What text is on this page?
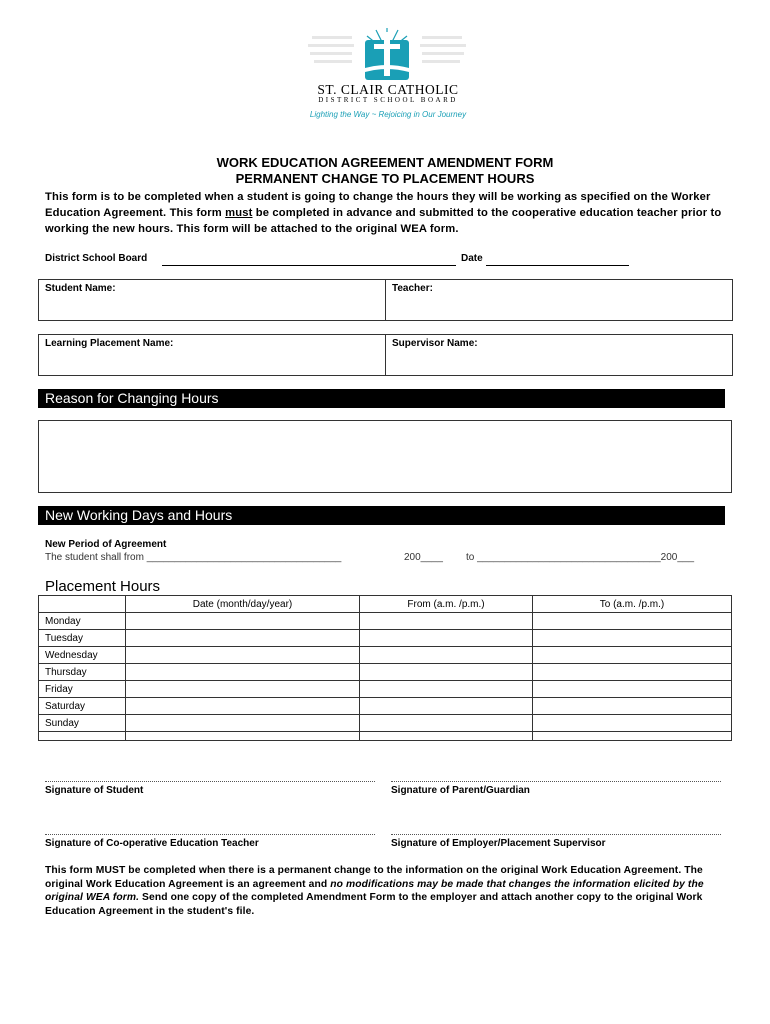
ST. CLAIR CATHOLIC
DISTRICT SCHOOL BOARD
Lighting the Way ~ Rejoicing in Our Journey
WORK EDUCATION AGREEMENT AMENDMENT FORM
PERMANENT CHANGE TO PLACEMENT HOURS
This form is to be completed when a student is going to change the hours they will be working as specified on the Worker Education Agreement. This form must be completed in advance and submitted to the cooperative education teacher prior to working the new hours. This form will be attached to the original WEA form.
District School Board	Date
Student Name:	Teacher:
Learning Placement Name:	Supervisor Name:
Reason for Changing Hours
New Working Days and Hours
New Period of Agreement
The student shall from ___________________________________	200____ to _________________________________200___
Placement Hours
	Date (month/day/year)	From (a.m. /p.m.)	To (a.m. /p.m.)
Monday			
Tuesday			
Wednesday			
Thursday			
Friday			
Saturday			
Sunday			

Signature of Student	Signature of Parent/Guardian
Signature of Co-operative Education Teacher	Signature of Employer/Placement Supervisor
This form MUST be completed when there is a permanent change to the information on the original Work Education Agreement. The original Work Education Agreement is an agreement and no modifications may be made that changes the information elicited by the original WEA form. Send one copy of the completed Amendment Form to the employer and attach another copy to the original Work Education Agreement in the student's file.
